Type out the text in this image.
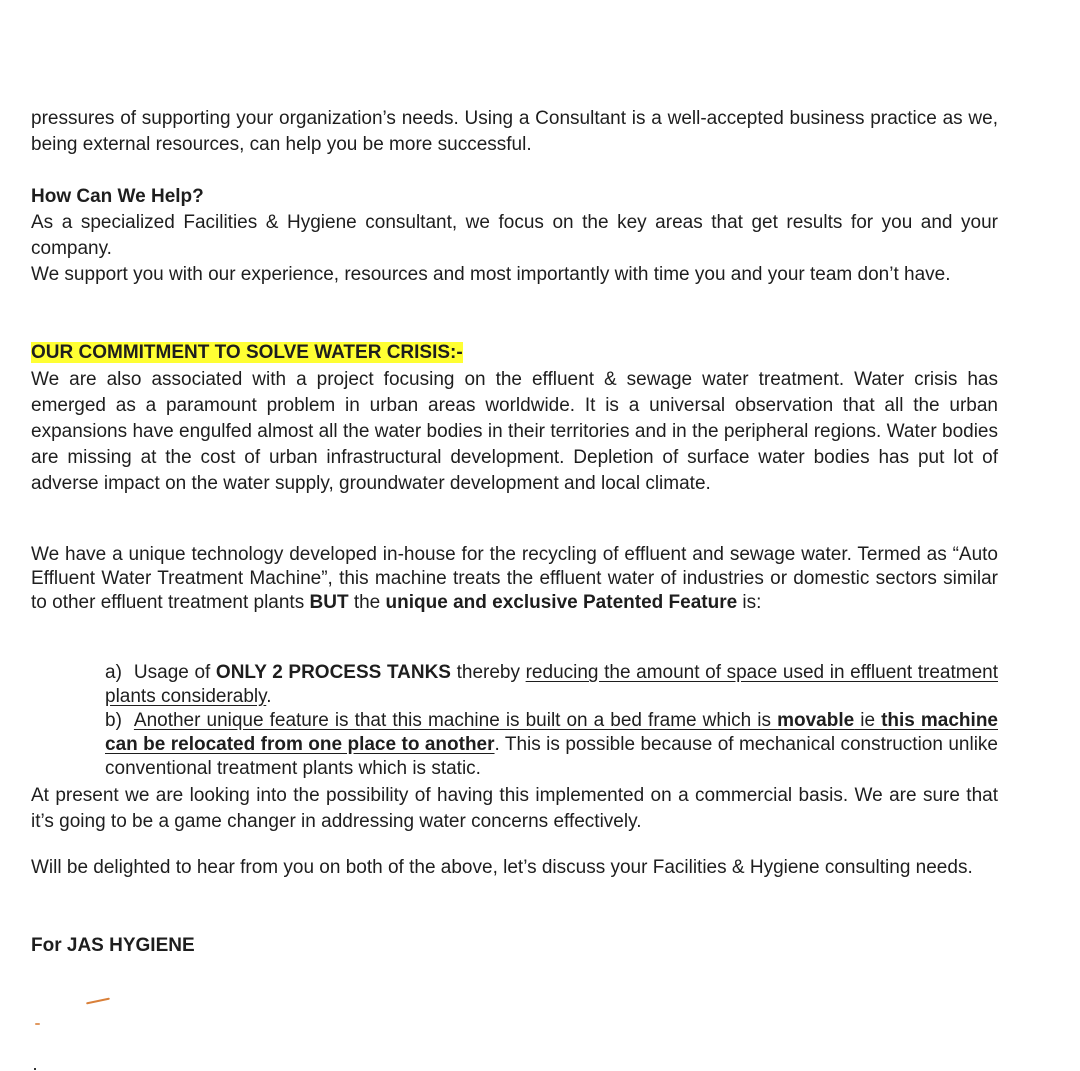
pressures of supporting your organization’s needs. Using a Consultant is a well-accepted business practice as we, being external resources, can help you be more successful.

How Can We Help?

As a specialized Facilities & Hygiene consultant, we focus on the key areas that get results for you and your company.

We support you with our experience, resources and most importantly with time you and your team don’t have.

OUR COMMITMENT TO SOLVE WATER CRISIS:-

We are also associated with a project focusing on the effluent & sewage water treatment. Water crisis has emerged as a paramount problem in urban areas worldwide. It is a universal observation that all the urban expansions have engulfed almost all the water bodies in their territories and in the peripheral regions. Water bodies are missing at the cost of urban infrastructural development. Depletion of surface water bodies has put lot of adverse impact on the water supply, groundwater development and local climate.

We have a unique technology developed in-house for the recycling of effluent and sewage water. Termed as “Auto Effluent Water Treatment Machine”, this machine treats the effluent water of industries or domestic sectors similar to other effluent treatment plants BUT the unique and exclusive Patented Feature is:

a) Usage of ONLY 2 PROCESS TANKS thereby reducing the amount of space used in effluent treatment plants considerably.

b) Another unique feature is that this machine is built on a bed frame which is movable ie this machine can be relocated from one place to another. This is possible because of mechanical construction unlike conventional treatment plants which is static.

At present we are looking into the possibility of having this implemented on a commercial basis. We are sure that it’s going to be a game changer in addressing water concerns effectively.

Will be delighted to hear from you on both of the above, let’s discuss your Facilities & Hygiene consulting needs.

For JAS HYGIENE
